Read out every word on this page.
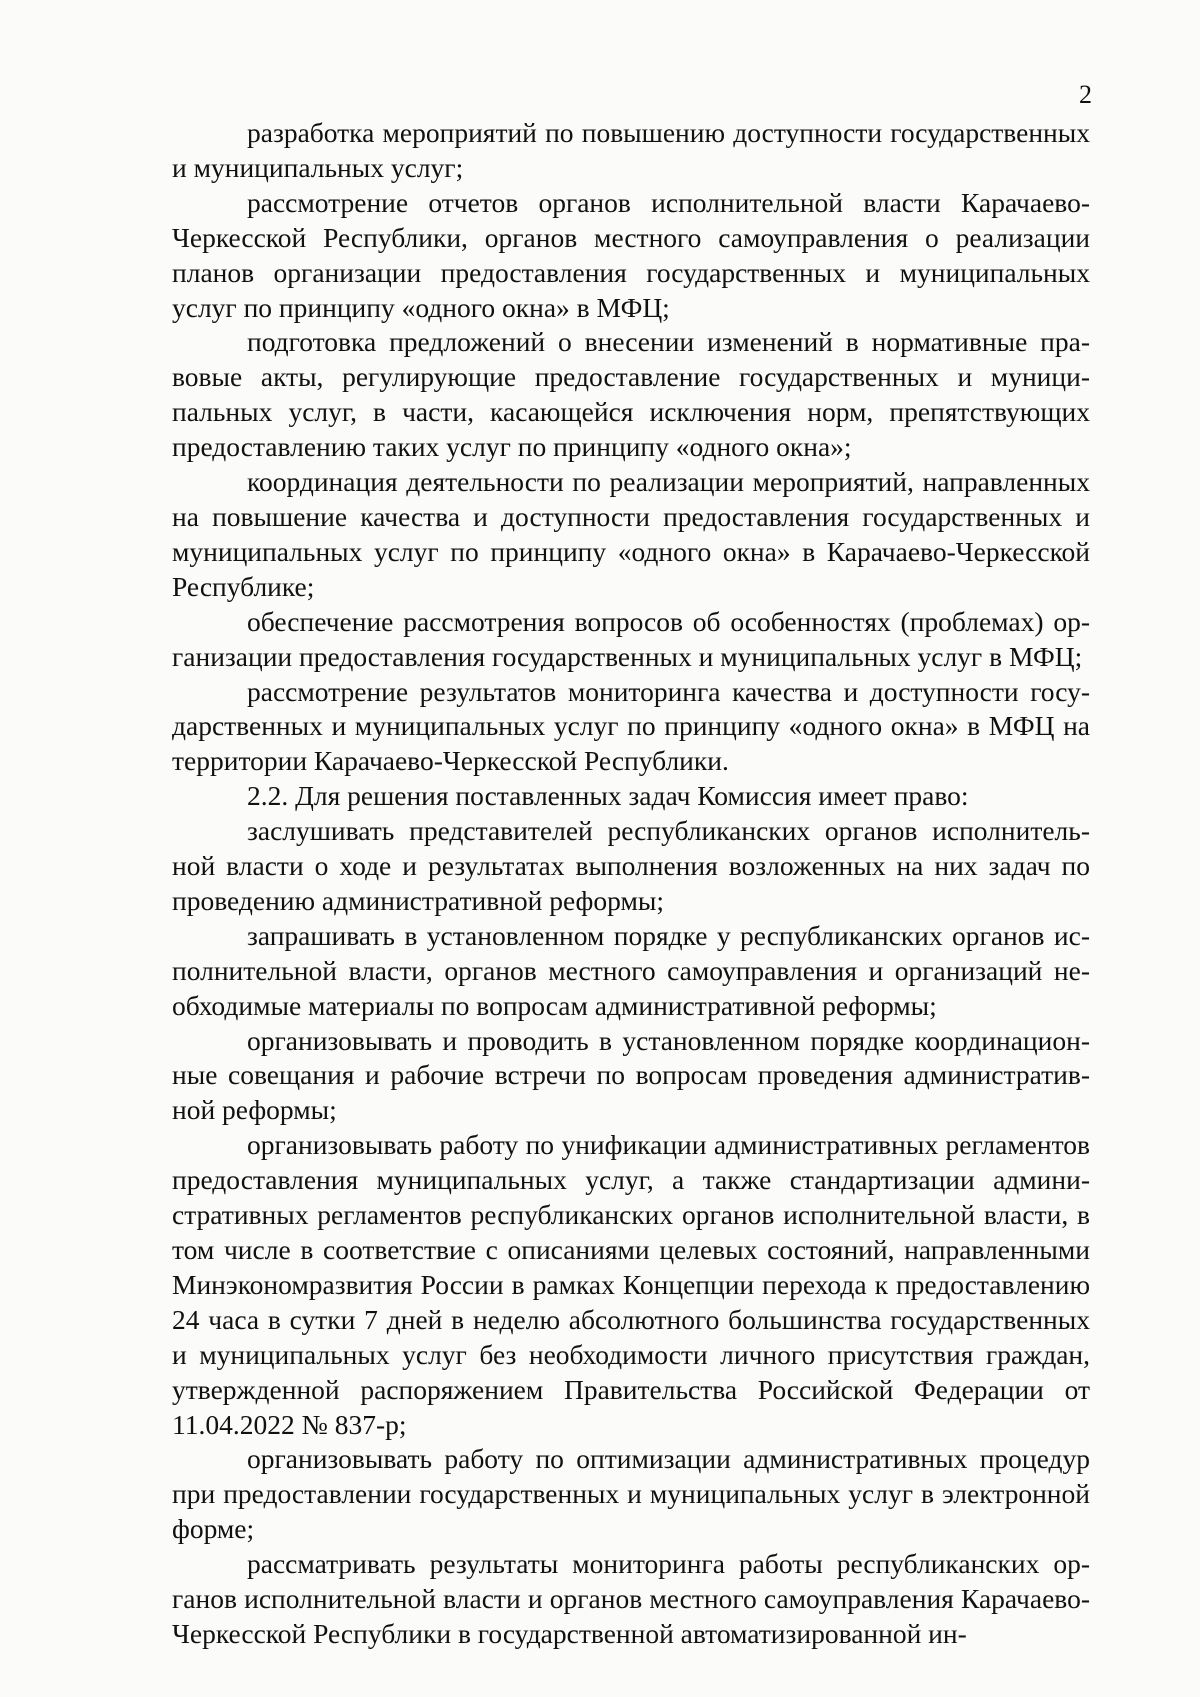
2

разработка мероприятий по повышению доступности государственных и муниципальных услуг;

рассмотрение отчетов органов исполнительной власти Карачаево-Черкесской Республики, органов местного самоуправления о реализации планов организации предоставления государственных и муниципальных услуг по принципу «одного окна» в МФЦ;

подготовка предложений о внесении изменений в нормативные правовые акты, регулирующие предоставление государственных и муниципальных услуг, в части, касающейся исключения норм, препятствующих предоставлению таких услуг по принципу «одного окна»;

координация деятельности по реализации мероприятий, направленных на повышение качества и доступности предоставления государственных и муниципальных услуг по принципу «одного окна» в Карачаево-Черкесской Республике;

обеспечение рассмотрения вопросов об особенностях (проблемах) организации предоставления государственных и муниципальных услуг в МФЦ;

рассмотрение результатов мониторинга качества и доступности государственных и муниципальных услуг по принципу «одного окна» в МФЦ на территории Карачаево-Черкесской Республики.

2.2. Для решения поставленных задач Комиссия имеет право:

заслушивать представителей республиканских органов исполнительной власти о ходе и результатах выполнения возложенных на них задач по проведению административной реформы;

запрашивать в установленном порядке у республиканских органов исполнительной власти, органов местного самоуправления и организаций необходимые материалы по вопросам административной реформы;

организовывать и проводить в установленном порядке координационные совещания и рабочие встречи по вопросам проведения административной реформы;

организовывать работу по унификации административных регламентов предоставления муниципальных услуг, а также стандартизации административных регламентов республиканских органов исполнительной власти, в том числе в соответствие с описаниями целевых состояний, направленными Минэкономразвития России в рамках Концепции перехода к предоставлению 24 часа в сутки 7 дней в неделю абсолютного большинства государственных и муниципальных услуг без необходимости личного присутствия граждан, утвержденной распоряжением Правительства Российской Федерации от 11.04.2022 № 837-р;

организовывать работу по оптимизации административных процедур при предоставлении государственных и муниципальных услуг в электронной форме;

рассматривать результаты мониторинга работы республиканских органов исполнительной власти и органов местного самоуправления Карачаево-Черкесской Республики в государственной автоматизированной ин-
